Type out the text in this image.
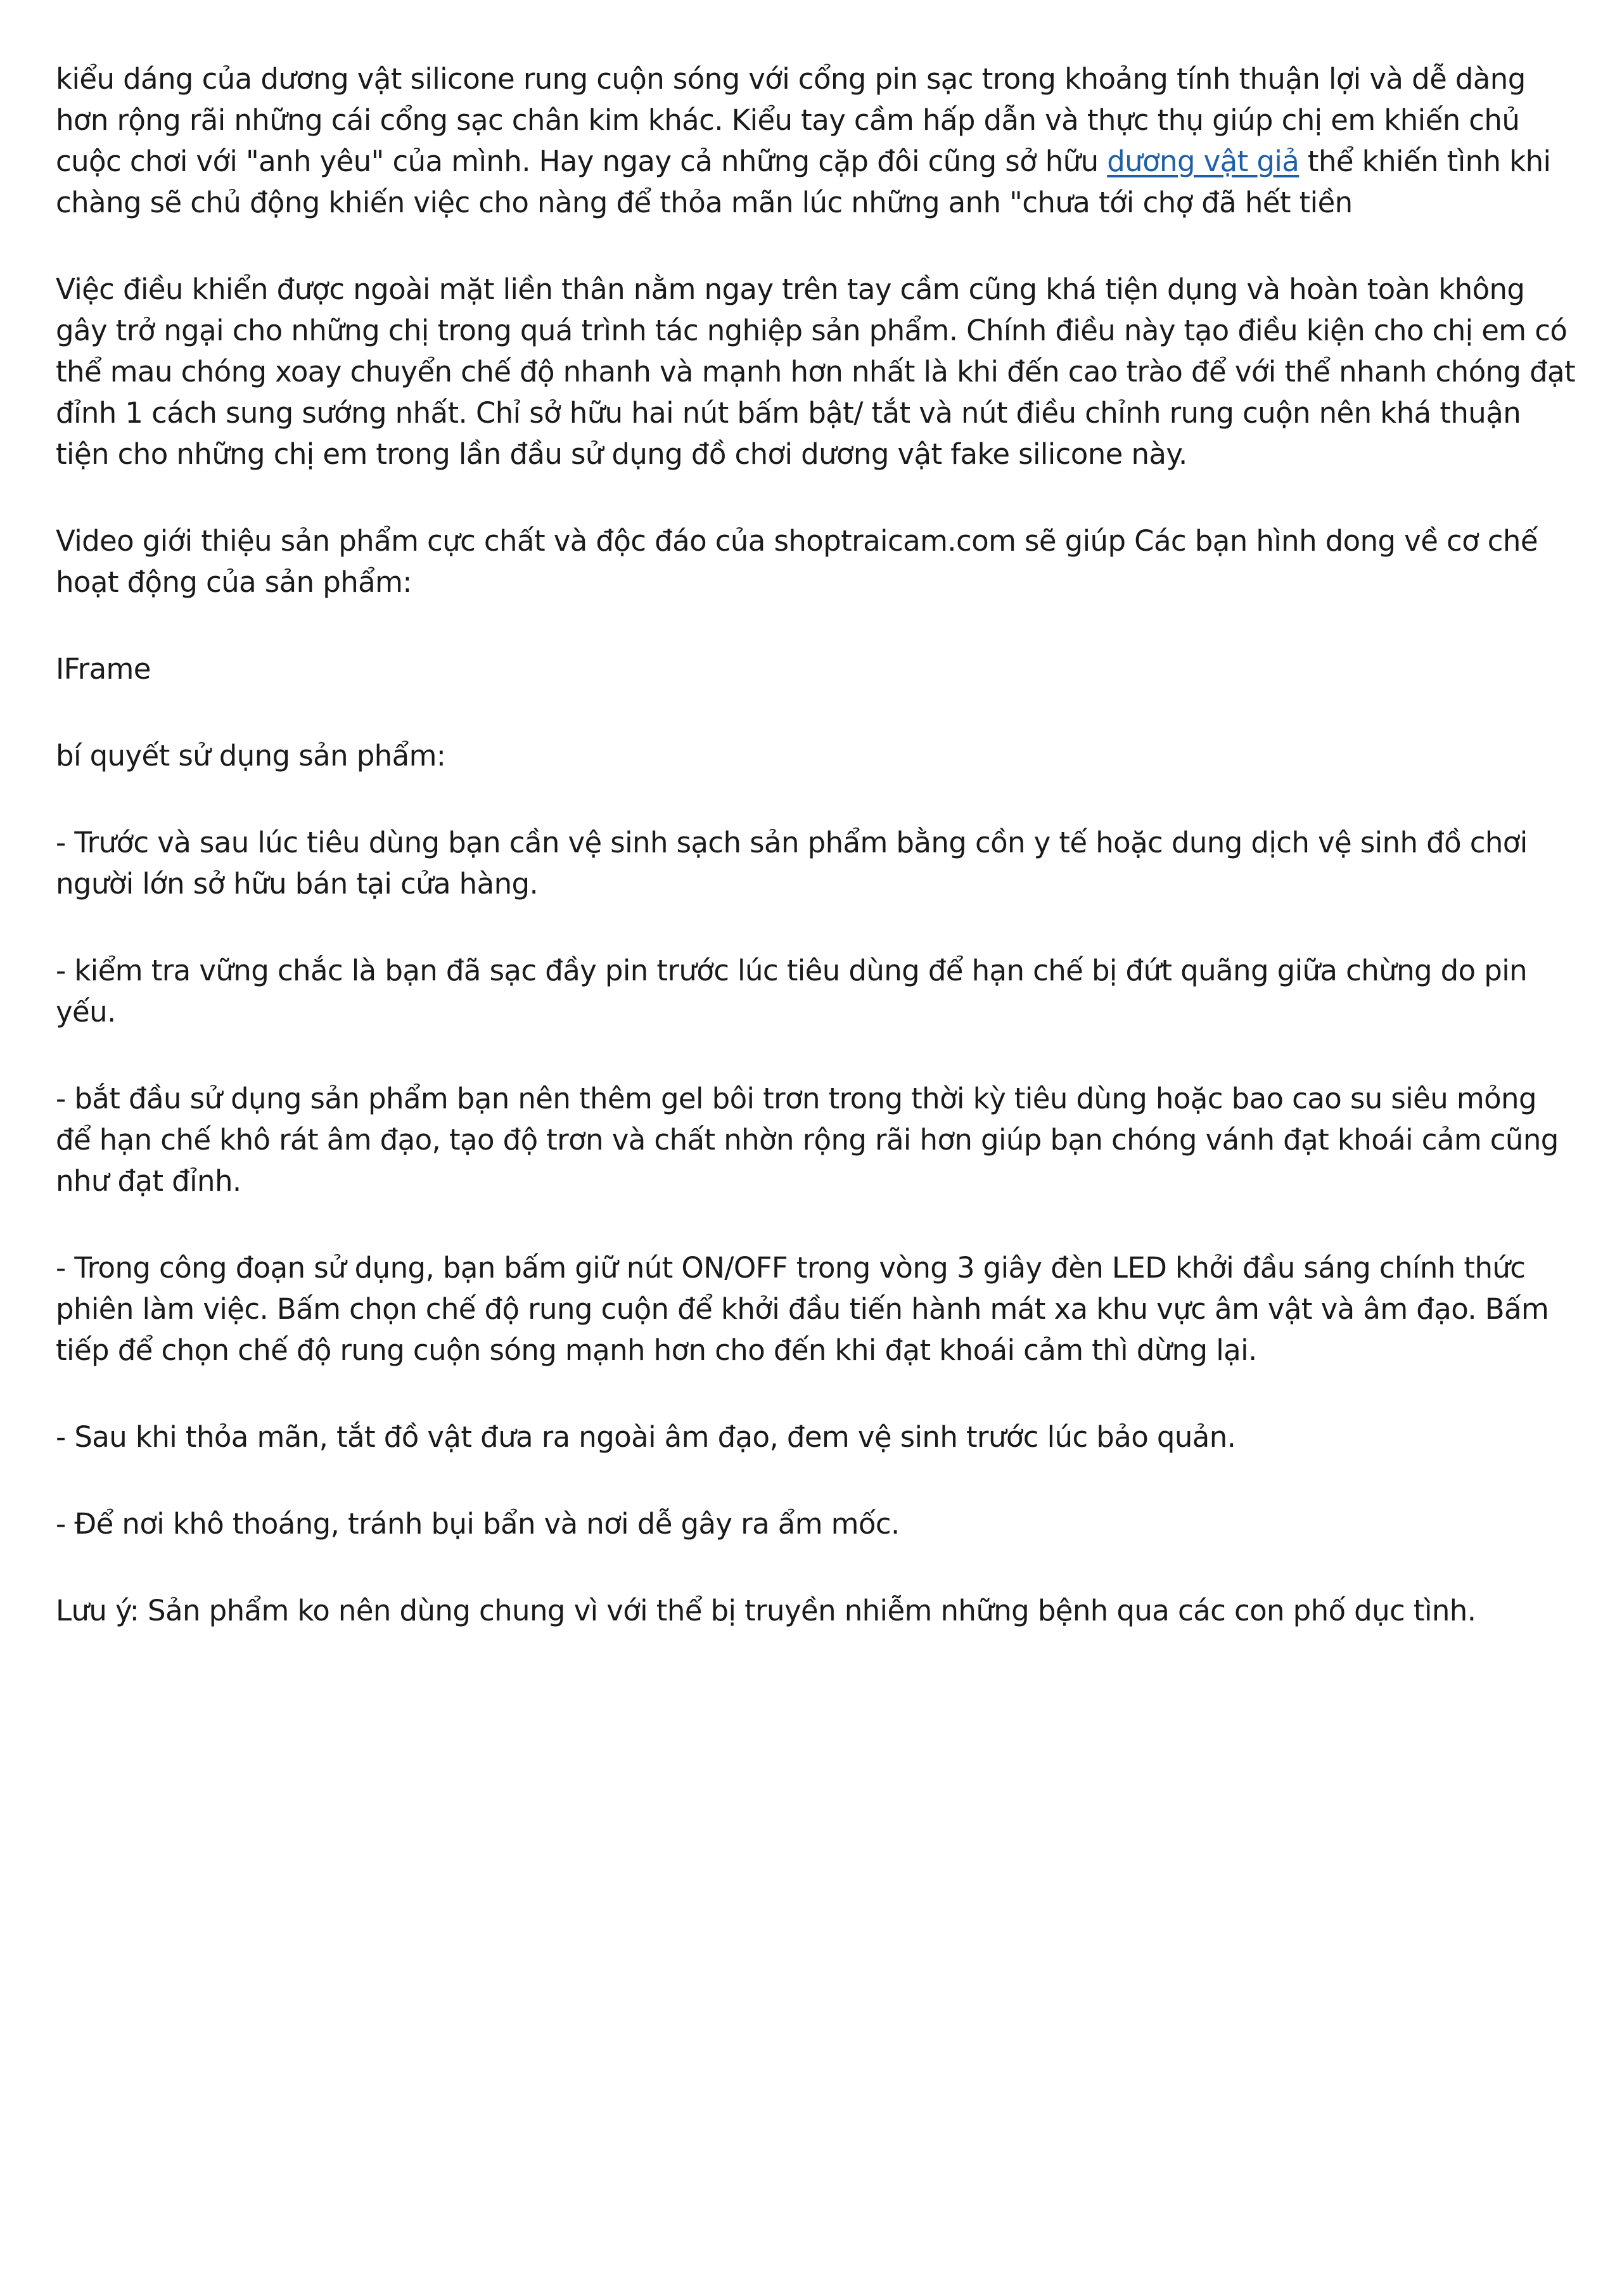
kiểu dáng của dương vật silicone rung cuộn sóng với cổng pin sạc trong khoảng tính thuận lợi và dễ dàng hơn rộng rãi những cái cổng sạc chân kim khác. Kiểu tay cầm hấp dẫn và thực thụ giúp chị em khiến chủ cuộc chơi với "anh yêu" của mình. Hay ngay cả những cặp đôi cũng sở hữu dương vật giả thể khiến tình khi chàng sẽ chủ động khiến việc cho nàng để thỏa mãn lúc những anh "chưa tới chợ đã hết tiền

Việc điều khiển được ngoài mặt liền thân nằm ngay trên tay cầm cũng khá tiện dụng và hoàn toàn không gây trở ngại cho những chị trong quá trình tác nghiệp sản phẩm. Chính điều này tạo điều kiện cho chị em có thể mau chóng xoay chuyển chế độ nhanh và mạnh hơn nhất là khi đến cao trào để với thể nhanh chóng đạt đỉnh 1 cách sung sướng nhất. Chỉ sở hữu hai nút bấm bật/ tắt và nút điều chỉnh rung cuộn nên khá thuận tiện cho những chị em trong lần đầu sử dụng đồ chơi dương vật fake silicone này.

Video giới thiệu sản phẩm cực chất và độc đáo của shoptraicam.com sẽ giúp Các bạn hình dong về cơ chế hoạt động của sản phẩm:

IFrame

bí quyết sử dụng sản phẩm:

- Trước và sau lúc tiêu dùng bạn cần vệ sinh sạch sản phẩm bằng cồn y tế hoặc dung dịch vệ sinh đồ chơi người lớn sở hữu bán tại cửa hàng.

- kiểm tra vững chắc là bạn đã sạc đầy pin trước lúc tiêu dùng để hạn chế bị đứt quãng giữa chừng do pin yếu.

- bắt đầu sử dụng sản phẩm bạn nên thêm gel bôi trơn trong thời kỳ tiêu dùng hoặc bao cao su siêu mỏng để hạn chế khô rát âm đạo, tạo độ trơn và chất nhờn rộng rãi hơn giúp bạn chóng vánh đạt khoái cảm cũng như đạt đỉnh.

- Trong công đoạn sử dụng, bạn bấm giữ nút ON/OFF trong vòng 3 giây đèn LED khởi đầu sáng chính thức phiên làm việc. Bấm chọn chế độ rung cuộn để khởi đầu tiến hành mát xa khu vực âm vật và âm đạo. Bấm tiếp để chọn chế độ rung cuộn sóng mạnh hơn cho đến khi đạt khoái cảm thì dừng lại.

- Sau khi thỏa mãn, tắt đồ vật đưa ra ngoài âm đạo, đem vệ sinh trước lúc bảo quản.

- Để nơi khô thoáng, tránh bụi bẩn và nơi dễ gây ra ẩm mốc.

Lưu ý: Sản phẩm ko nên dùng chung vì với thể bị truyền nhiễm những bệnh qua các con phố dục tình.
